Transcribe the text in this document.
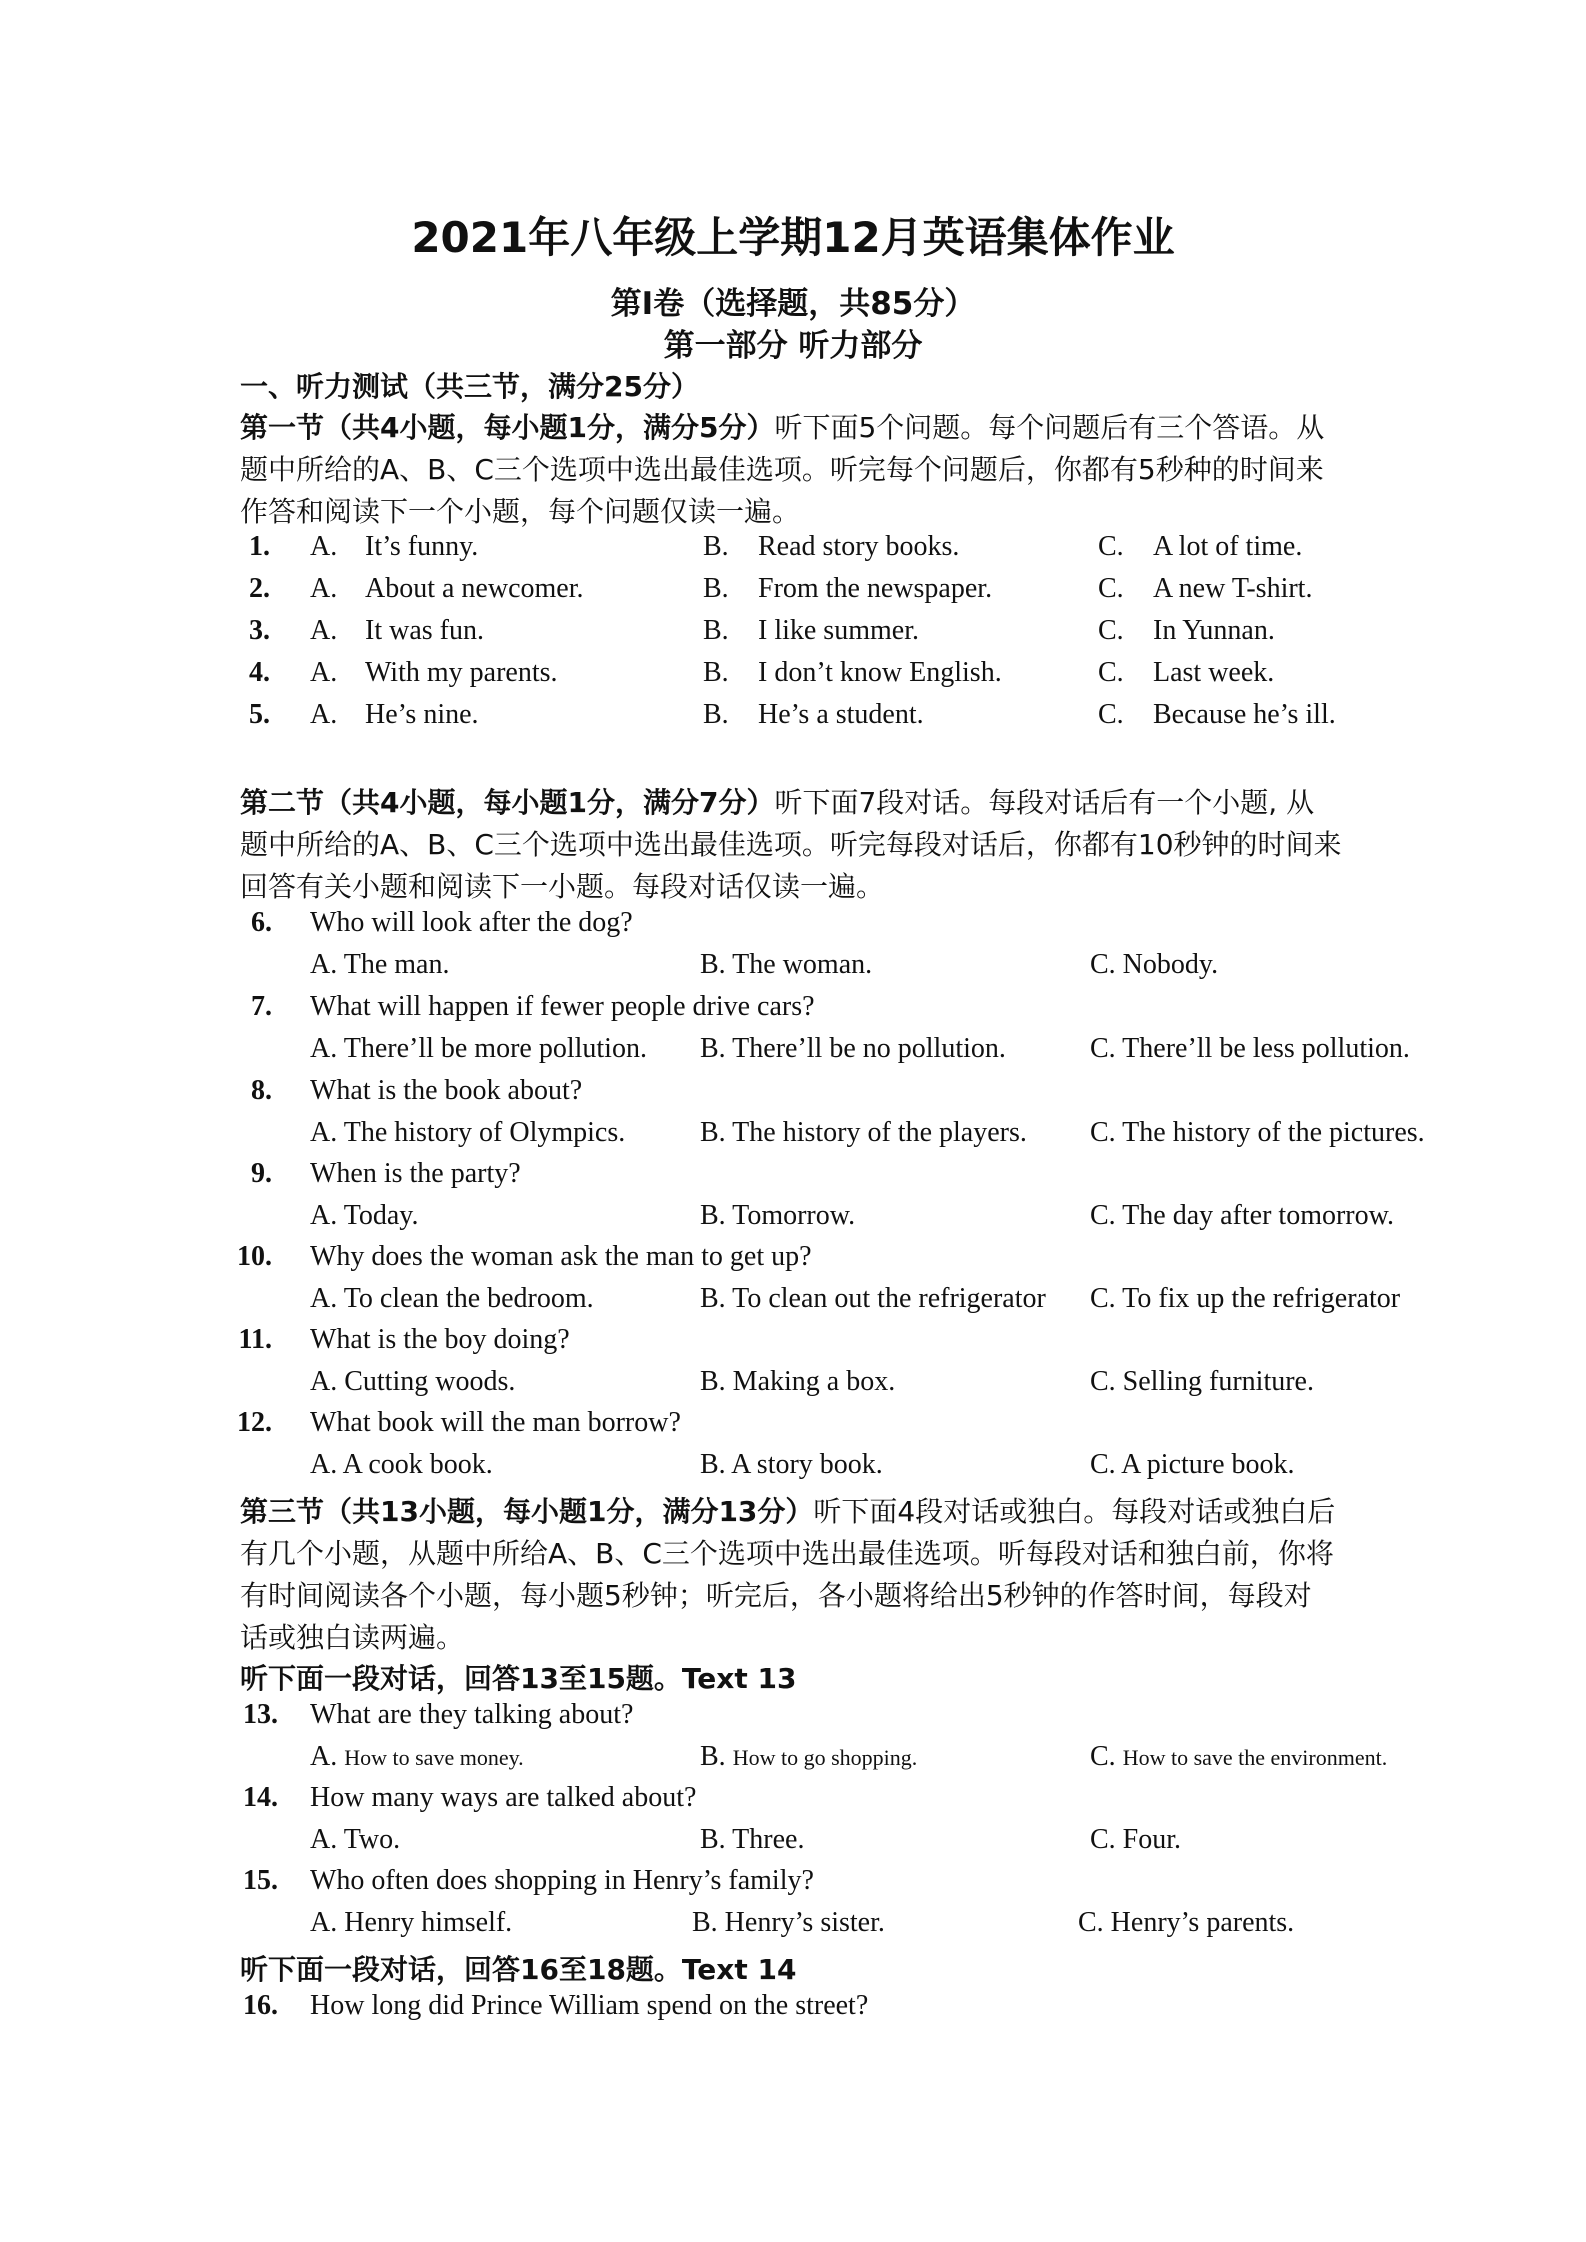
2021年八年级上学期12月英语集体作业
第I卷（选择题，共85分）
第一部分 听力部分
一、听力测试（共三节，满分25分）
第一节（共4小题，每小题1分，满分5分）听下面5个问题。每个问题后有三个答语。从
题中所给的A、B、C三个选项中选出最佳选项。听完每个问题后，你都有5秒种的时间来
作答和阅读下一个小题，每个问题仅读一遍。
1. A. It’s funny.	B. Read story books.	C. A lot of time.
2. A. About a newcomer.	B. From the newspaper.	C. A new T-shirt.
3. A. It was fun.	B. I like summer.	C. In Yunnan.
4. A. With my parents.	B. I don’t know English.	C. Last week.
5. A. He’s nine.	B. He’s a student.	C. Because he’s ill.
第二节（共4小题，每小题1分，满分7分）听下面7段对话。每段对话后有一个小题, 从
题中所给的A、B、C三个选项中选出最佳选项。听完每段对话后，你都有10秒钟的时间来
回答有关小题和阅读下一小题。每段对话仅读一遍。
6. Who will look after the dog?
A. The man.	B. The woman.	C. Nobody.
7. What will happen if fewer people drive cars?
A. There’ll be more pollution. B. There’ll be no pollution.	C. There’ll be less pollution.
8. What is the book about?
A. The history of Olympics.	B. The history of the players. C. The history of the pictures.
9. When is the party?
A. Today.	B. Tomorrow.	C. The day after tomorrow.
10. Why does the woman ask the man to get up?
A. To clean the bedroom.	B. To clean out the refrigerator C. To fix up the refrigerator
11. What is the boy doing?
A. Cutting woods.	B. Making a box.	C. Selling furniture.
12. What book will the man borrow?
A. A cook book.	B. A story book.	C. A picture book.
第三节（共13小题，每小题1分，满分13分）听下面4段对话或独白。每段对话或独白后
有几个小题，从题中所给A、B、C三个选项中选出最佳选项。听每段对话和独白前，你将
有时间阅读各个小题，每小题5秒钟；听完后，各小题将给出5秒钟的作答时间，每段对
话或独白读两遍。
听下面一段对话，回答13至15题。Text 13
13. What are they talking about?
A. How to save money.	B. How to go shopping.	C. How to save the environment.
14. How many ways are talked about?
A. Two.	B. Three.	C. Four.
15. Who often does shopping in Henry’s family?
A. Henry himself.	B. Henry’s sister.	C. Henry’s parents.
听下面一段对话，回答16至18题。Text 14
16. How long did Prince William spend on the street?
